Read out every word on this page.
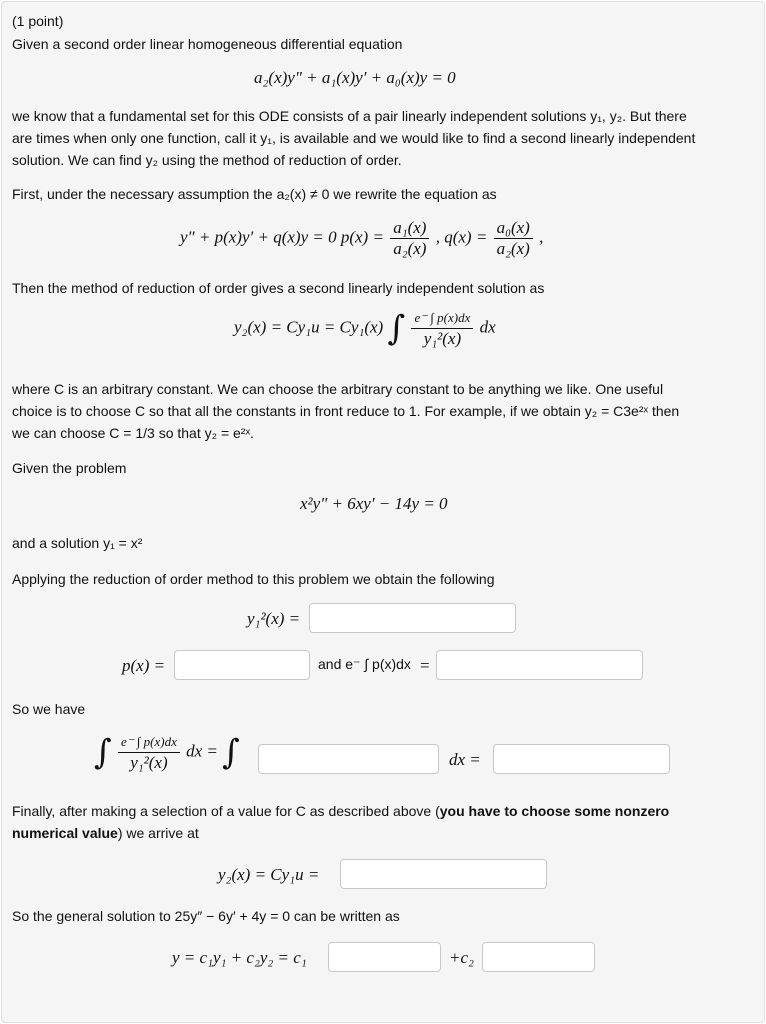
(1 point)
Given a second order linear homogeneous differential equation
a₂(x)y″ + a₁(x)y′ + a₀(x)y = 0
we know that a fundamental set for this ODE consists of a pair linearly independent solutions y₁, y₂. But there
are times when only one function, call it y₁, is available and we would like to find a second linearly independent
solution. We can find y₂ using the method of reduction of order.
First, under the necessary assumption the a₂(x) ≠ 0 we rewrite the equation as
y″ + p(x)y′ + q(x)y = 0 $p(x) = \frac{\text{a₁(x)}}{\text{a₂(x)}}$ , $q(x) = \frac{\text{a₀(x)}}{\text{a₂(x)}}$ ,
Then the method of reduction of order gives a second linearly independent solution as
y₂(x) = Cy₁u = Cy₁(x) ∫ $\frac{e^- \int p(x)dx}{\text{y₁²(x)}}$ dx
where C is an arbitrary constant. We can choose the arbitrary constant to be anything we like. One useful
choice is to choose C so that all the constants in front reduce to 1. For example, if we obtain y₂ = C3e²ˣ then
we can choose C = 1/3 so that y₂ = e²ˣ.
Given the problem
x²y″ + 6xy′ − 14y = 0
and a solution y₁ = x²
Applying the reduction of order method to this problem we obtain the following
y₁²(x) =
p(x) =	and e⁻ ∫ p(x)dx =
So we have
∫ $\frac{e^- \int p(x)dx}{\text{y₁²(x)}}$ dx = ∫	dx =
Finally, after making a selection of a value for C as described above (you have to choose some nonzero
numerical value) we arrive at
y₂(x) = Cy₁u =
So the general solution to 25y″ − 6y′ + 4y = 0 can be written as
y = c₁y₁ + c₂y₂ = c₁	+c₂
